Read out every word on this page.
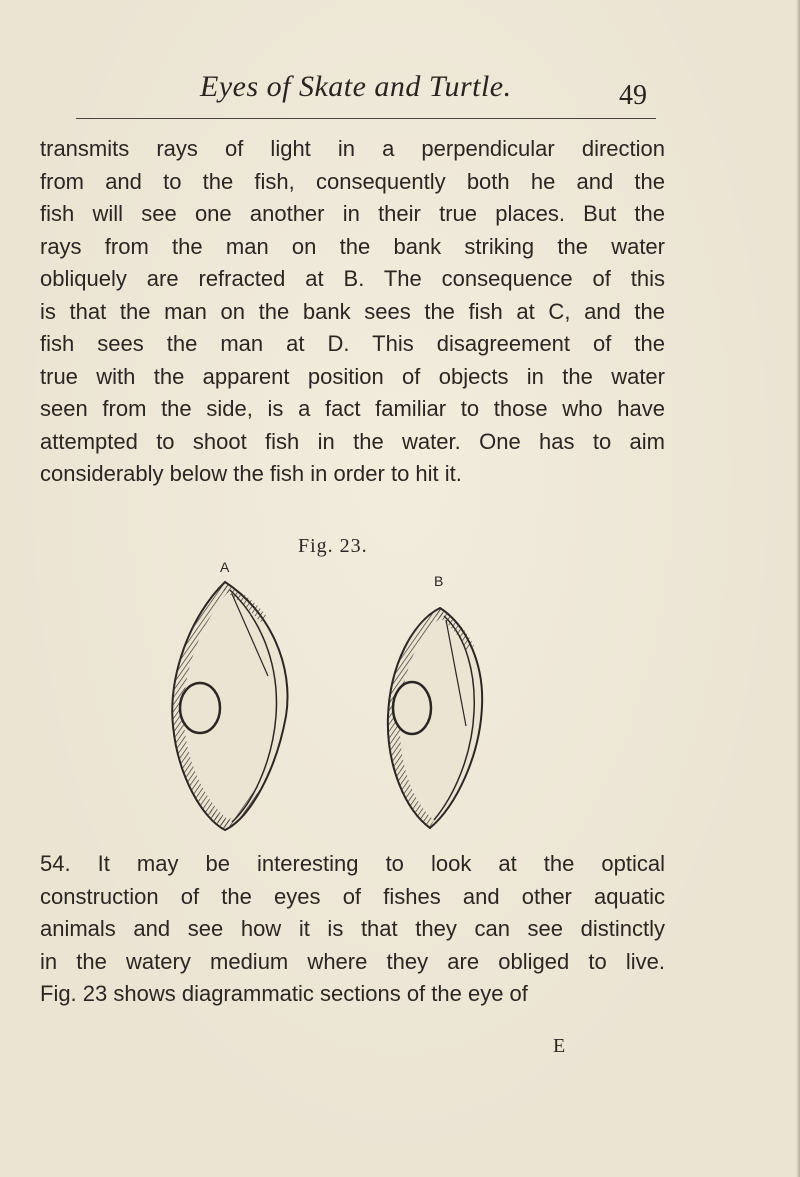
Eyes of Skate and Turtle.	49
transmits rays of light in a perpendicular direction
from and to the fish, consequently both he and the
fish will see one another in their true places. But the
rays from the man on the bank striking the water
obliquely are refracted at B. The consequence of this
is that the man on the bank sees the fish at C, and the
fish sees the man at D. This disagreement of the
true with the apparent position of objects in the water
seen from the side, is a fact familiar to those who have
attempted to shoot fish in the water. One has to aim
considerably below the fish in order to hit it.
Fig. 23.
A
B
54. It may be interesting to look at the optical
construction of the eyes of fishes and other aquatic
animals and see how it is that they can see distinctly
in the watery medium where they are obliged to live.
Fig. 23 shows diagrammatic sections of the eye of
E
